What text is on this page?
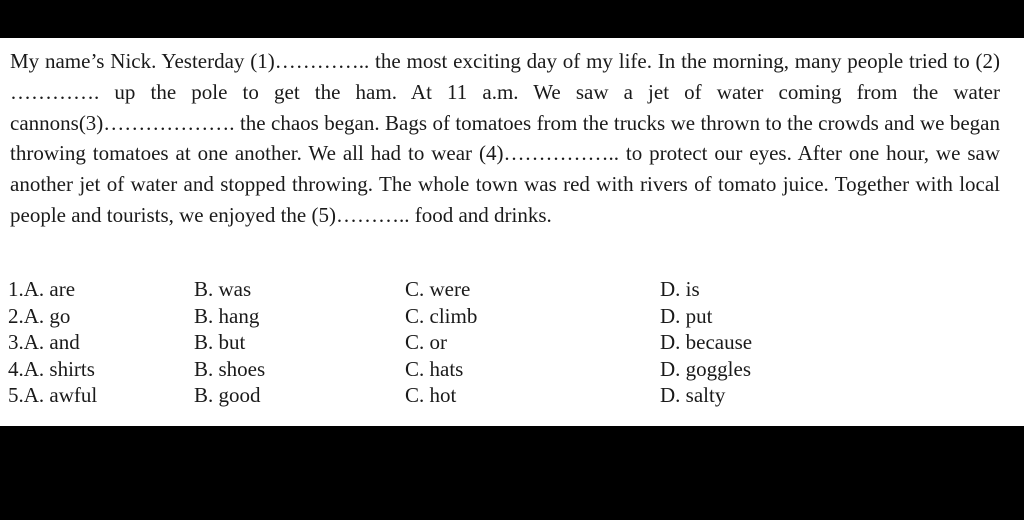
My name’s Nick. Yesterday (1)………….. the most exciting day of my life. In the morning, many people tried to (2) …………. up the pole to get the ham. At 11 a.m. We saw a jet of water coming from the water cannons(3)………………. the chaos began. Bags of tomatoes from the trucks we thrown to the crowds and we began throwing tomatoes at one another. We all had to wear (4)…………….. to protect our eyes. After one hour, we saw another jet of water and stopped throwing. The whole town was red with rivers of tomato juice. Together with local people and tourists, we enjoyed the (5)……….. food and drinks.

1.A. are	B. was	C. were	D. is
2.A. go	B. hang	C. climb	D. put
3.A. and	B. but	C. or	D. because
4.A. shirts	B. shoes	C. hats	D. goggles
5.A. awful	B. good	C. hot	D. salty
